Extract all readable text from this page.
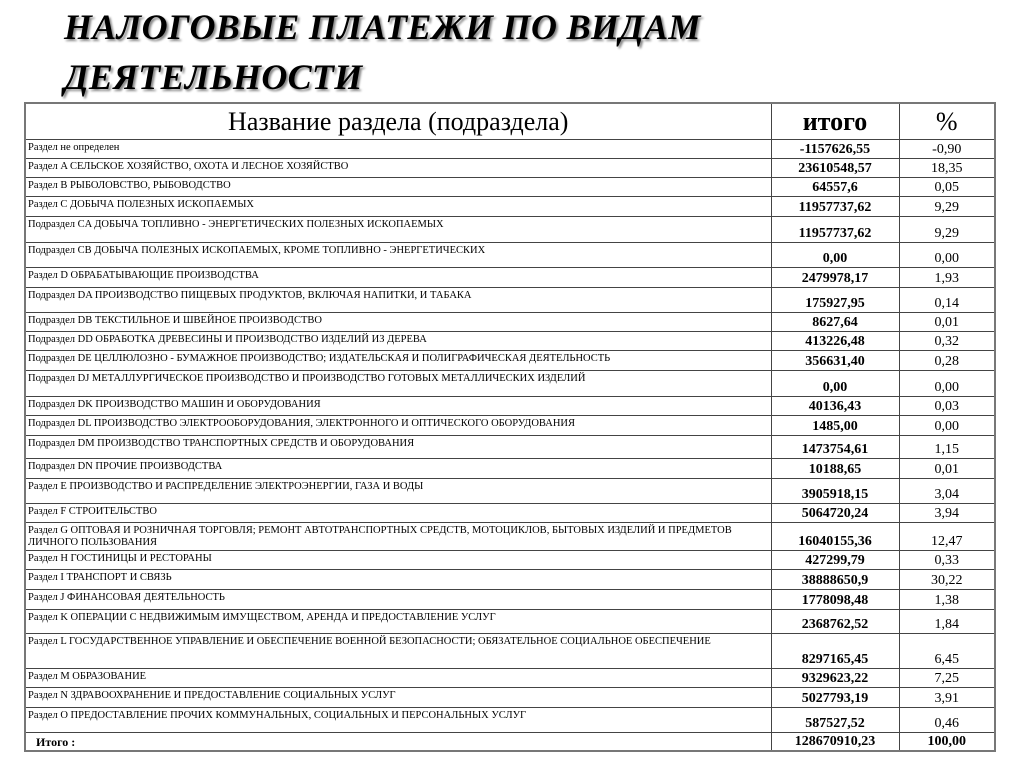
НАЛОГОВЫЕ ПЛАТЕЖИ ПО ВИДАМ
ДЕЯТЕЛЬНОСТИ
Название раздела (подраздела)	итого	%
Раздел не определен	-1157626,55	-0,90
Раздел A СЕЛЬСКОЕ ХОЗЯЙСТВО, ОХОТА И ЛЕСНОЕ ХОЗЯЙСТВО	23610548,57	18,35
Раздел B РЫБОЛОВСТВО, РЫБОВОДСТВО	64557,6	0,05
Раздел C ДОБЫЧА ПОЛЕЗНЫХ ИСКОПАЕМЫХ	11957737,62	9,29
Подраздел CA ДОБЫЧА ТОПЛИВНО - ЭНЕРГЕТИЧЕСКИХ ПОЛЕЗНЫХ ИСКОПАЕМЫХ	11957737,62	9,29
Подраздел CB ДОБЫЧА ПОЛЕЗНЫХ ИСКОПАЕМЫХ, КРОМЕ ТОПЛИВНО - ЭНЕРГЕТИЧЕСКИХ	0,00	0,00
Раздел D ОБРАБАТЫВАЮЩИЕ ПРОИЗВОДСТВА	2479978,17	1,93
Подраздел DA ПРОИЗВОДСТВО ПИЩЕВЫХ ПРОДУКТОВ, ВКЛЮЧАЯ НАПИТКИ, И ТАБАКА	175927,95	0,14
Подраздел DB ТЕКСТИЛЬНОЕ И ШВЕЙНОЕ ПРОИЗВОДСТВО	8627,64	0,01
Подраздел DD ОБРАБОТКА ДРЕВЕСИНЫ И ПРОИЗВОДСТВО ИЗДЕЛИЙ ИЗ ДЕРЕВА	413226,48	0,32
Подраздел DE ЦЕЛЛЮЛОЗНО - БУМАЖНОЕ ПРОИЗВОДСТВО; ИЗДАТЕЛЬСКАЯ И ПОЛИГРАФИЧЕСКАЯ ДЕЯТЕЛЬНОСТЬ	356631,40	0,28
Подраздел DJ МЕТАЛЛУРГИЧЕСКОЕ ПРОИЗВОДСТВО И ПРОИЗВОДСТВО ГОТОВЫХ МЕТАЛЛИЧЕСКИХ ИЗДЕЛИЙ	0,00	0,00
Подраздел DK ПРОИЗВОДСТВО МАШИН И ОБОРУДОВАНИЯ	40136,43	0,03
Подраздел DL ПРОИЗВОДСТВО ЭЛЕКТРООБОРУДОВАНИЯ, ЭЛЕКТРОННОГО И ОПТИЧЕСКОГО ОБОРУДОВАНИЯ	1485,00	0,00
Подраздел DM ПРОИЗВОДСТВО ТРАНСПОРТНЫХ СРЕДСТВ И ОБОРУДОВАНИЯ	1473754,61	1,15
Подраздел DN ПРОЧИЕ ПРОИЗВОДСТВА	10188,65	0,01
Раздел E ПРОИЗВОДСТВО И РАСПРЕДЕЛЕНИЕ ЭЛЕКТРОЭНЕРГИИ, ГАЗА И ВОДЫ	3905918,15	3,04
Раздел F СТРОИТЕЛЬСТВО	5064720,24	3,94
Раздел G ОПТОВАЯ И РОЗНИЧНАЯ ТОРГОВЛЯ; РЕМОНТ АВТОТРАНСПОРТНЫХ СРЕДСТВ, МОТОЦИКЛОВ, БЫТОВЫХ ИЗДЕЛИЙ И ПРЕДМЕТОВ ЛИЧНОГО ПОЛЬЗОВАНИЯ	16040155,36	12,47
Раздел H ГОСТИНИЦЫ И РЕСТОРАНЫ	427299,79	0,33
Раздел I ТРАНСПОРТ И СВЯЗЬ	38888650,9	30,22
Раздел J ФИНАНСОВАЯ ДЕЯТЕЛЬНОСТЬ	1778098,48	1,38
Раздел K ОПЕРАЦИИ С НЕДВИЖИМЫМ ИМУЩЕСТВОМ, АРЕНДА И ПРЕДОСТАВЛЕНИЕ УСЛУГ	2368762,52	1,84
Раздел L ГОСУДАРСТВЕННОЕ УПРАВЛЕНИЕ И ОБЕСПЕЧЕНИЕ ВОЕННОЙ БЕЗОПАСНОСТИ; ОБЯЗАТЕЛЬНОЕ СОЦИАЛЬНОЕ ОБЕСПЕЧЕНИЕ	8297165,45	6,45
Раздел M ОБРАЗОВАНИЕ	9329623,22	7,25
Раздел N ЗДРАВООХРАНЕНИЕ И ПРЕДОСТАВЛЕНИЕ СОЦИАЛЬНЫХ УСЛУГ	5027793,19	3,91
Раздел O ПРЕДОСТАВЛЕНИЕ ПРОЧИХ КОММУНАЛЬНЫХ, СОЦИАЛЬНЫХ И ПЕРСОНАЛЬНЫХ УСЛУГ	587527,52	0,46
Итого :	128670910,23	100,00
